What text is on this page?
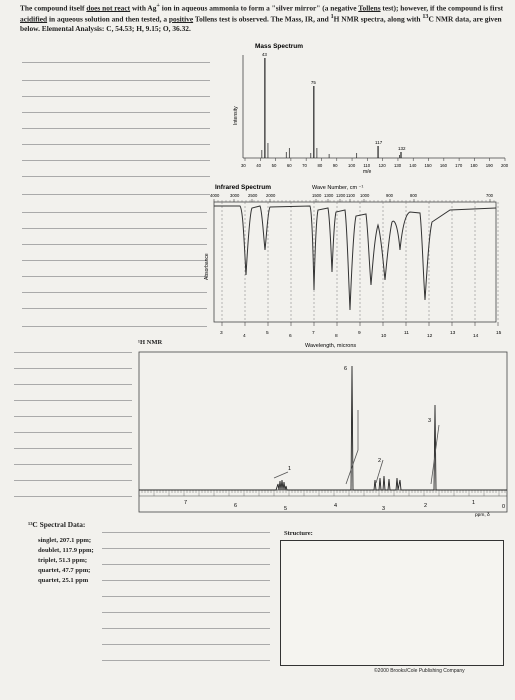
The compound itself does not react with Ag+ ion in aqueous ammonia to form a "silver mirror" (a negative Tollens test); however, if the compound is first acidified in aqueous solution and then tested, a positive Tollens test is observed. The Mass, IR, and $^1$H NMR spectra, along with $^{13}$C NMR data, are given below. Elemental Analysis: C, 54.53; H, 9.15; O, 36.32.
Mass Spectrum
Intensity
43
75
117
132
30 40 50 60 70 80 90 100 110 120 130 140 150 160 170 180 190 200
m/e
Infrared Spectrum	Wave Number, cm ⁻¹
4000	3000 2500 2000	1500 1300 1200 1100 1000	900	800	700
Absorbance
3
4
5
6
7
8
9
10
11
12
13
14
15
Wavelength, microns
¹H NMR
6
3
2
1
7	6	5	4	3	2	1
ppm, δ
0
¹³C Spectral Data:
singlet, 207.1 ppm;
doublet, 117.9 ppm;
triplet, 51.3 ppm;
quartet, 47.7 ppm;
quartet, 25.1 ppm
Structure:
©2000 Brooks/Cole Publishing Company
